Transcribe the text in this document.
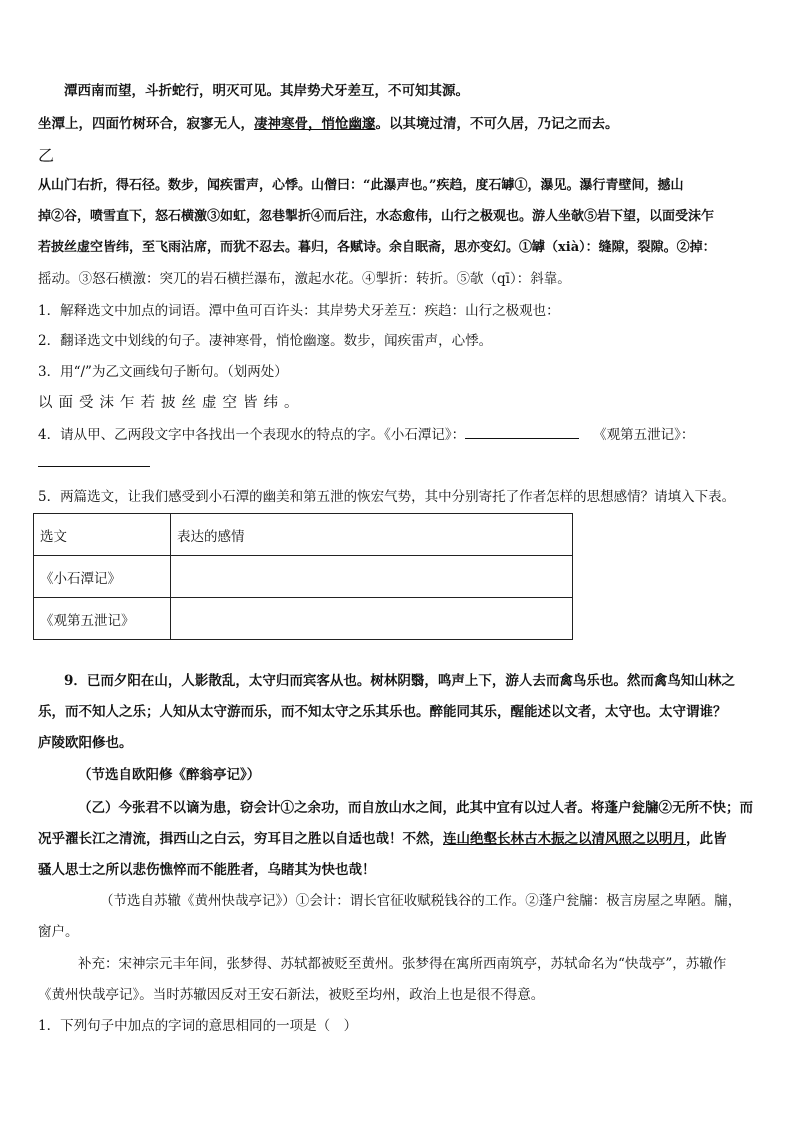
潭西南而望，斗折蛇行，明灭可见。其岸势犬牙差互，不可知其源。
坐潭上，四面竹树环合，寂寥无人，凄神寒骨，悄怆幽邃。以其境过清，不可久居，乃记之而去。
乙
从山门右折，得石径。数步，闻疾雷声，心悸。山僧曰：“此瀑声也。”疾趋，度石罅①，瀑见。瀑行青壁间，撼山
掉②谷，喷雪直下，怒石横激③如虹，忽巷掣折④而后注，水态愈伟，山行之极观也。游人坐欹⑤岩下望，以面受沫乍
若披丝虚空皆纬，至飞雨沾席，而犹不忍去。暮归，各赋诗。余自眠斋，思亦变幻。①罅（xià）：缝隙，裂隙。②掉：
摇动。③怒石横激：突兀的岩石横拦瀑布，激起水花。④掣折：转折。⑤欹（qī）：斜靠。
1．解释选文中加点的词语。潭中鱼可百许头：其岸势犬牙差互：疾趋：山行之极观也：
2．翻译选文中划线的句子。凄神寒骨，悄怆幽邃。数步，闻疾雷声，心悸。
3．用“/”为乙文画线句子断句。（划两处）
以面受沫乍若披丝虚空皆纬。
4．请从甲、乙两段文字中各找出一个表现水的特点的字。《小石潭记》：	《观第五泄记》：
5．两篇选文，让我们感受到小石潭的幽美和第五泄的恢宏气势，其中分别寄托了作者怎样的思想感情？请填入下表。
选文	表达的感情
《小石潭记》	
《观第五泄记》	
9．已而夕阳在山，人影散乱，太守归而宾客从也。树林阴翳，鸣声上下，游人去而禽鸟乐也。然而禽鸟知山林之
乐，而不知人之乐；人知从太守游而乐，而不知太守之乐其乐也。醉能同其乐，醒能述以文者，太守也。太守谓谁？
庐陵欧阳修也。
（节选自欧阳修《醉翁亭记》）
（乙）今张君不以谪为患，窃会计①之余功，而自放山水之间，此其中宜有以过人者。将蓬户瓮牖②无所不快；而
况乎濯长江之清流，揖西山之白云，穷耳目之胜以自适也哉！不然，连山绝壑长林古木振之以清风照之以明月，此皆
骚人思士之所以悲伤憔悴而不能胜者，乌睹其为快也哉！
（节选自苏辙《黄州快哉亭记》）①会计：谓长官征收赋税钱谷的工作。②蓬户瓮牖：极言房屋之卑陋。牖，
窗户。
补充：宋神宗元丰年间，张梦得、苏轼都被贬至黄州。张梦得在寓所西南筑亭，苏轼命名为“快哉亭”，苏辙作
《黄州快哉亭记》。当时苏辙因反对王安石新法，被贬至均州，政治上也是很不得意。
1．下列句子中加点的字词的意思相同的一项是（　）
